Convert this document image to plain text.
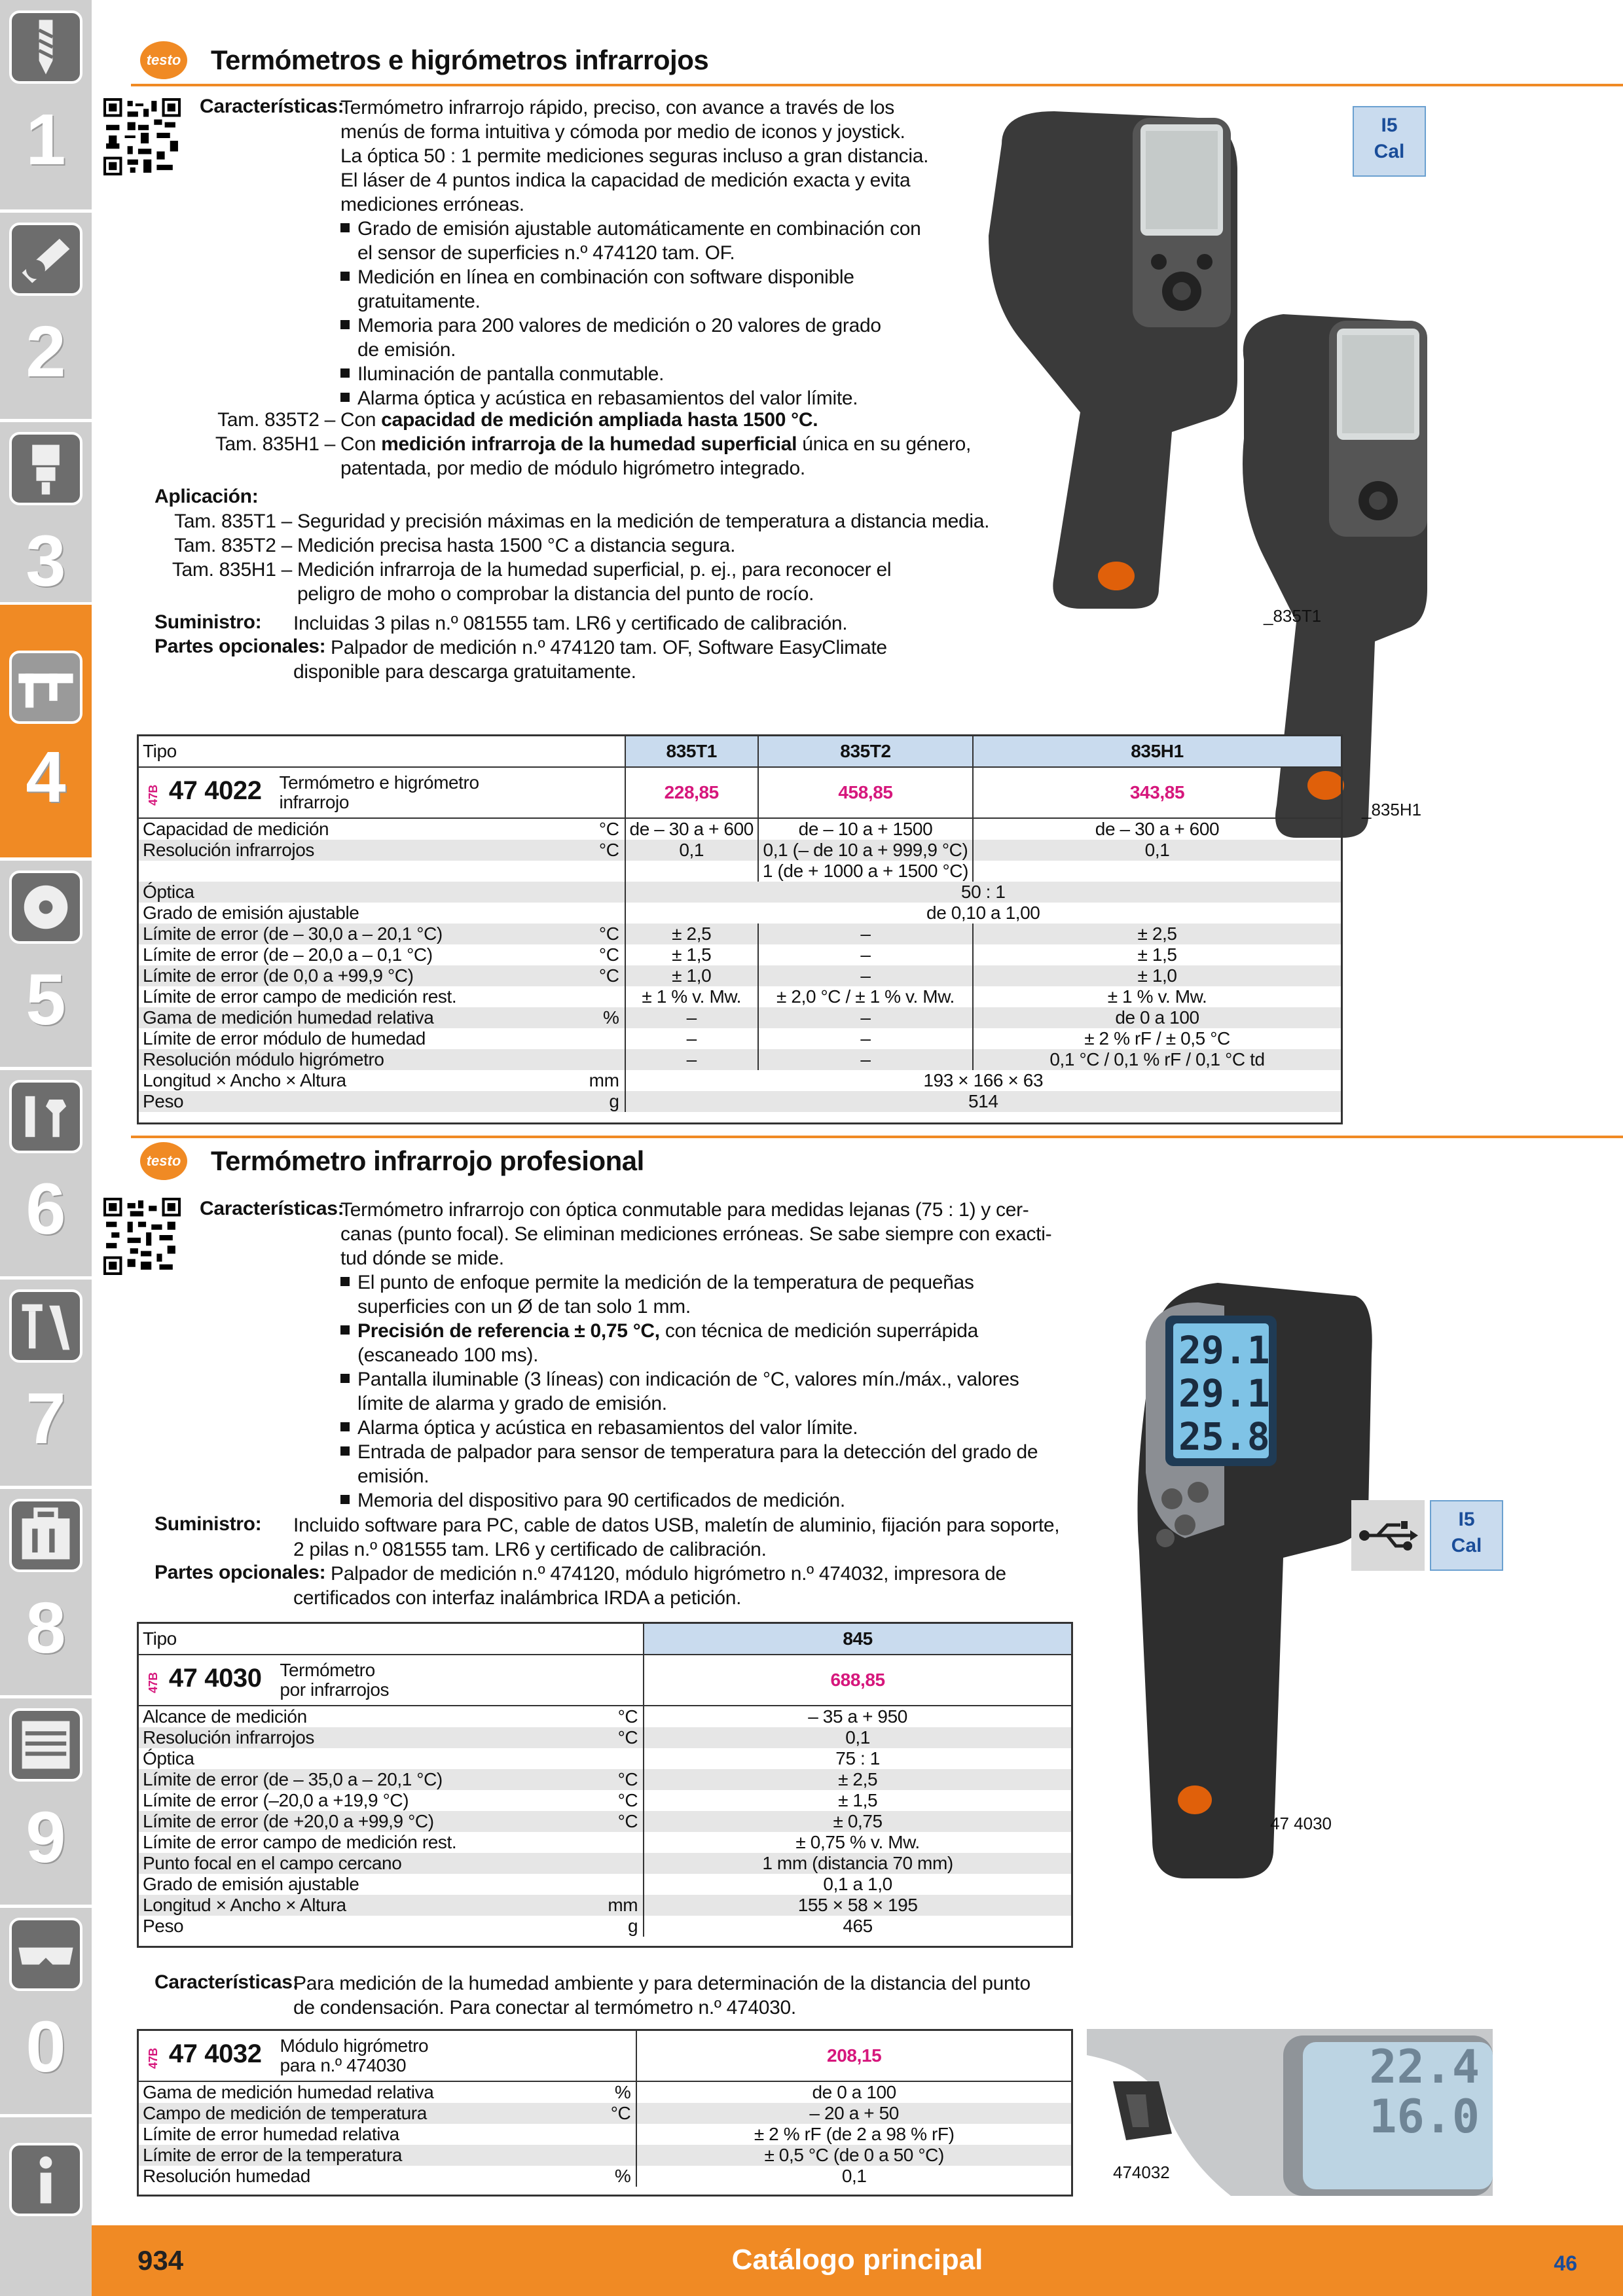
1
2
3
4
5
6
7
8
9
0
testo Termómetros e higrómetros infrarrojos
Características:
Termómetro infrarrojo rápido, preciso, con avance a través de los
menús de forma intuitiva y cómoda por medio de iconos y joystick.
La óptica 50 : 1 permite mediciones seguras incluso a gran distancia.
El láser de 4 puntos indica la capacidad de medición exacta y evita
mediciones erróneas.
Grado de emisión ajustable automáticamente en combinación con
el sensor de superficies n.º 474120 tam. OF.
Medición en línea en combinación con software disponible
gratuitamente.
Memoria para 200 valores de medición o 20 valores de grado
de emisión.
Iluminación de pantalla conmutable.
Alarma óptica y acústica en rebasamientos del valor límite.
Tam. 835T2 – Con capacidad de medición ampliada hasta 1500 °C.
Tam. 835H1 – Con medición infrarroja de la humedad superficial única en su género,
patentada, por medio de módulo higrómetro integrado.
Aplicación:
Tam. 835T1 – Seguridad y precisión máximas en la medición de temperatura a distancia media.
Tam. 835T2 – Medición precisa hasta 1500 °C a distancia segura.
Tam. 835H1 – Medición infrarroja de la humedad superficial, p. ej., para reconocer el
peligro de moho o comprobar la distancia del punto de rocío.
Suministro: Incluidas 3 pilas n.º 081555 tam. LR6 y certificado de calibración.
Partes opcionales: Palpador de medición n.º 474120 tam. OF, Software EasyClimate
disponible para descarga gratuitamente.
I5
Cal
_835T1
_835H1
Tipo			835T1	835T2	835H1
47B 47 4022	Termómetro e higrómetro
infrarrojo		228,85	458,85	343,85
Capacidad de medición		°C	de – 30 a + 600	de – 10 a + 1500	de – 30 a + 600
Resolución infrarrojos		°C	0,1	0,1 (– de 10 a + 999,9 °C)	0,1
				1 (de + 1000 a + 1500 °C)	
Óptica			50 : 1		
Grado de emisión ajustable			de 0,10 a 1,00		
Límite de error (de – 30,0 a – 20,1 °C)		°C	± 2,5	–	± 2,5
Límite de error (de – 20,0 a – 0,1 °C)		°C	± 1,5	–	± 1,5
Límite de error (de 0,0 a +99,9 °C)		°C	± 1,0	–	± 1,0
Límite de error campo de medición rest.			± 1 % v. Mw.	± 2,0 °C / ± 1 % v. Mw.	± 1 % v. Mw.
Gama de medición humedad relativa		%	–	–	de 0 a 100
Límite de error módulo de humedad			–	–	± 2 % rF / ± 0,5 °C
Resolución módulo higrómetro			–	–	0,1 °C / 0,1 % rF / 0,1 °C td
Longitud × Ancho × Altura		mm	193 × 166 × 63		
Peso		g	514		
testo Termómetro infrarrojo profesional
Características:
Termómetro infrarrojo con óptica conmutable para medidas lejanas (75 : 1) y cer-
canas (punto focal). Se eliminan mediciones erróneas. Se sabe siempre con exacti-
tud dónde se mide.
El punto de enfoque permite la medición de la temperatura de pequeñas
superficies con un Ø de tan solo 1 mm.
Precisión de referencia ± 0,75 °C, con técnica de medición superrápida
(escaneado 100 ms).
Pantalla iluminable (3 líneas) con indicación de °C, valores mín./máx., valores
límite de alarma y grado de emisión.
Alarma óptica y acústica en rebasamientos del valor límite.
Entrada de palpador para sensor de temperatura para la detección del grado de
emisión.
Memoria del dispositivo para 90 certificados de medición.
Suministro: Incluido software para PC, cable de datos USB, maletín de aluminio, fijación para soporte,
2 pilas n.º 081555 tam. LR6 y certificado de calibración.
Partes opcionales: Palpador de medición n.º 474120, módulo higrómetro n.º 474032, impresora de
certificados con interfaz inalámbrica IRDA a petición.
29.1
29.1
25.8
I5
Cal
47 4030
Tipo			845
47B 47 4030	Termómetro
por infrarrojos		688,85
Alcance de medición		°C	– 35 a + 950
Resolución infrarrojos		°C	0,1
Óptica			75 : 1
Límite de error (de – 35,0 a – 20,1 °C)		°C	± 2,5
Límite de error (–20,0 a +19,9 °C)		°C	± 1,5
Límite de error (de +20,0 a +99,9 °C)		°C	± 0,75
Límite de error campo de medición rest.			± 0,75 % v. Mw.
Punto focal en el campo cercano			1 mm (distancia 70 mm)
Grado de emisión ajustable			0,1 a 1,0
Longitud × Ancho × Altura		mm	155 × 58 × 195
Peso		g	465
Características:
Para medición de la humedad ambiente y para determinación de la distancia del punto
de condensación. Para conectar al termómetro n.º 474030.
47B 47 4032	Módulo higrómetro
para n.º 474030		208,15
Gama de medición humedad relativa		%	de 0 a 100
Campo de medición de temperatura		°C	– 20 a + 50
Límite de error humedad relativa			± 2 % rF (de 2 a 98 % rF)
Límite de error de la temperatura			± 0,5 °C (de 0 a 50 °C)
Resolución humedad		%	0,1
22.4
16.0
474032
934	Catálogo principal	46
